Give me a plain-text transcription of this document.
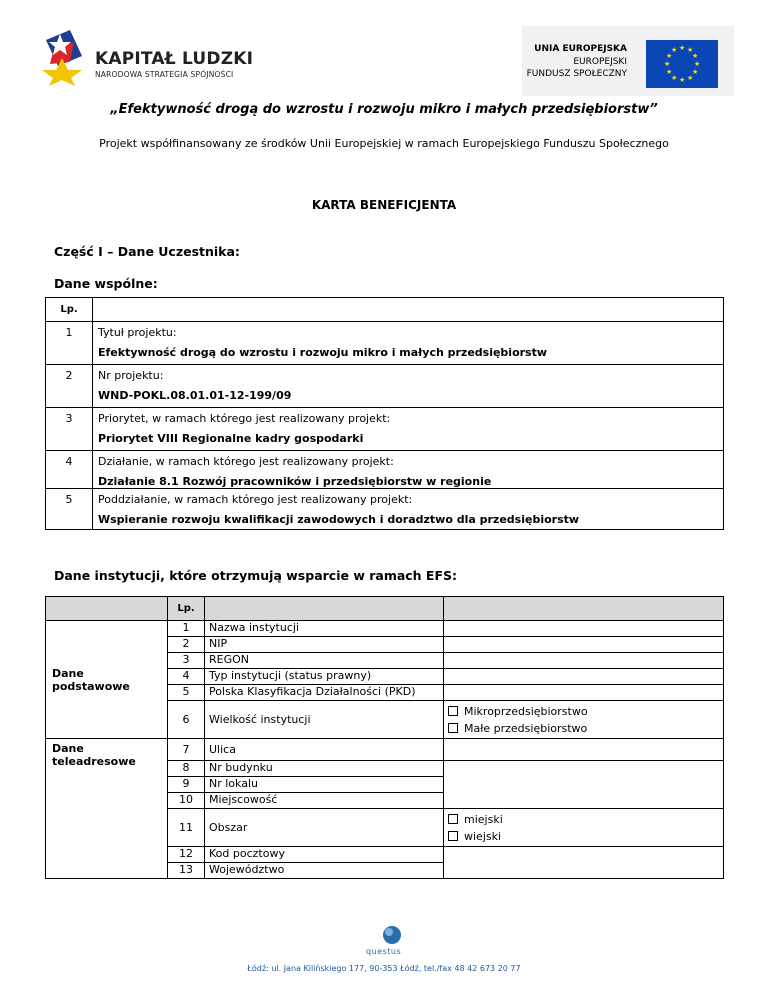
KAPITAŁ LUDZKI
NARODOWA STRATEGIA SPÓJNOŚCI
UNIA EUROPEJSKA
EUROPEJSKI
FUNDUSZ SPOŁECZNY
★ ★
★
★
★
★
★
★
★
★
★
★
„Efektywność drogą do wzrostu i rozwoju mikro i małych przedsiębiorstw”
Projekt współfinansowany ze środków Unii Europejskiej w ramach Europejskiego Funduszu Społecznego
KARTA BENEFICJENTA
Część I – Dane Uczestnika:
Dane wspólne:
Lp.	
1	Tytuł projektu:
Efektywność drogą do wzrostu i rozwoju mikro i małych przedsiębiorstw

2	Nr projektu:
WND-POKL.08.01.01-12-199/09

3	Priorytet, w ramach którego jest realizowany projekt:
Priorytet VIII Regionalne kadry gospodarki

4	Działanie, w ramach którego jest realizowany projekt:
Działanie 8.1 Rozwój pracowników i przedsiębiorstw w regionie

5	Poddziałanie, w ramach którego jest realizowany projekt:
Wspieranie rozwoju kwalifikacji zawodowych i doradztwo dla przedsiębiorstw
Dane instytucji, które otrzymują wsparcie w ramach EFS:
	Lp.		
Dane podstawowe	1	Nazwa instytucji	
	2	NIP	
	3	REGON	
	4	Typ instytucji (status prawny)	
	5	Polska Klasyfikacja Działalności (PKD)	
	6	Wielkość instytucji	Mikroprzedsiębiorstwo
Małe przedsiębiorstwo

Dane teleadresowe	7	Ulica	
	8	Nr budynku	
	9	Nr lokalu	
	10	Miejscowość	
	11	Obszar	miejski
wiejski

	12	Kod pocztowy	
	13	Województwo	
questus
Łódź: ul. Jana Kilińskiego 177, 90-353 Łódź, tel./fax 48 42 673 20 77
